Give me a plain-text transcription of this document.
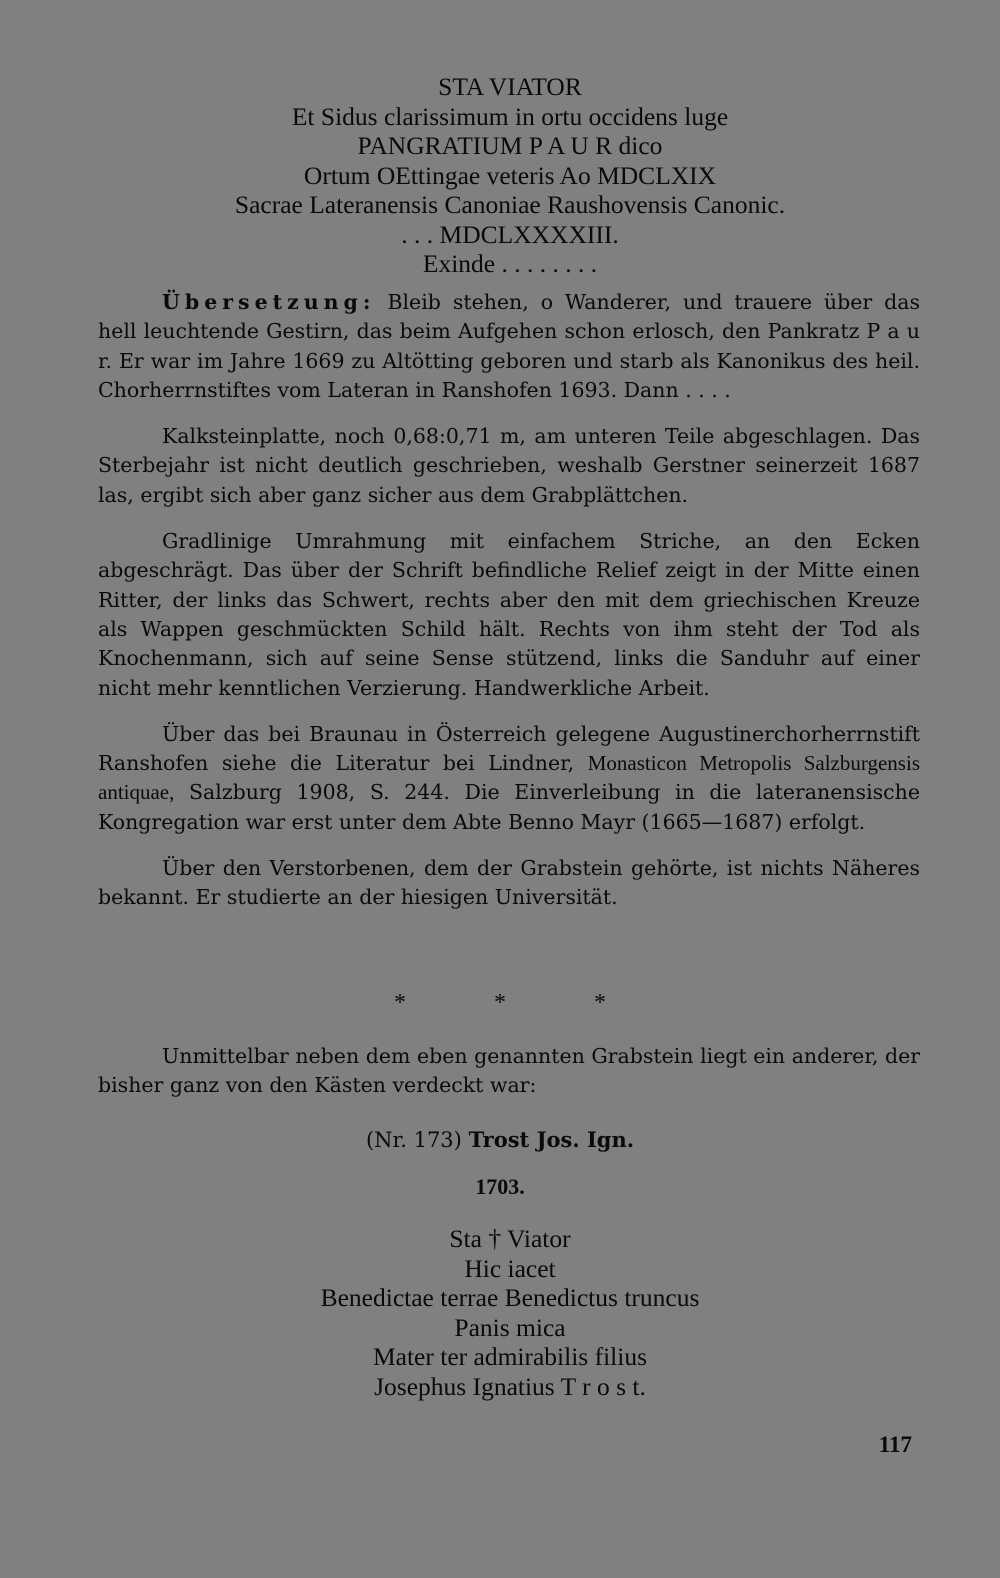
STA VIATOR
Et Sidus clarissimum in ortu occidens luge
PANGRATIUM P A U R dico
Ortum OEttingae veteris Ao MDCLXIX
Sacrae Lateranensis Canoniae Raushovensis Canonic.
. . . MDCLXXXXIII.
Exinde . . . . . . . .

Übersetzung: Bleib stehen, o Wanderer, und trauere über das hell leuchtende Gestirn, das beim Aufgehen schon erlosch, den Pankratz P a u r. Er war im Jahre 1669 zu Altötting geboren und starb als Kanonikus des heil. Chorherrnstiftes vom Lateran in Ranshofen 1693. Dann . . . .

Kalksteinplatte, noch 0,68:0,71 m, am unteren Teile abgeschlagen. Das Sterbejahr ist nicht deutlich geschrieben, weshalb Gerstner seinerzeit 1687 las, ergibt sich aber ganz sicher aus dem Grabplättchen.

Gradlinige Umrahmung mit einfachem Striche, an den Ecken abgeschrägt. Das über der Schrift befindliche Relief zeigt in der Mitte einen Ritter, der links das Schwert, rechts aber den mit dem griechischen Kreuze als Wappen geschmückten Schild hält. Rechts von ihm steht der Tod als Knochenmann, sich auf seine Sense stützend, links die Sanduhr auf einer nicht mehr kenntlichen Verzierung. Handwerkliche Arbeit.

Über das bei Braunau in Österreich gelegene Augustinerchorherrnstift Ranshofen siehe die Literatur bei Lindner, Monasticon Metropolis Salzburgensis antiquae, Salzburg 1908, S. 244. Die Einverleibung in die lateranensische Kongregation war erst unter dem Abte Benno Mayr (1665—1687) erfolgt.

Über den Verstorbenen, dem der Grabstein gehörte, ist nichts Näheres bekannt. Er studierte an der hiesigen Universität.

*	*	*

Unmittelbar neben dem eben genannten Grabstein liegt ein anderer, der bisher ganz von den Kästen verdeckt war:

(Nr. 173) Trost Jos. Ign.
1703.
Sta † Viator
Hic iacet
Benedictae terrae Benedictus truncus
Panis mica
Mater ter admirabilis filius
Josephus Ignatius T r o s t.
117
